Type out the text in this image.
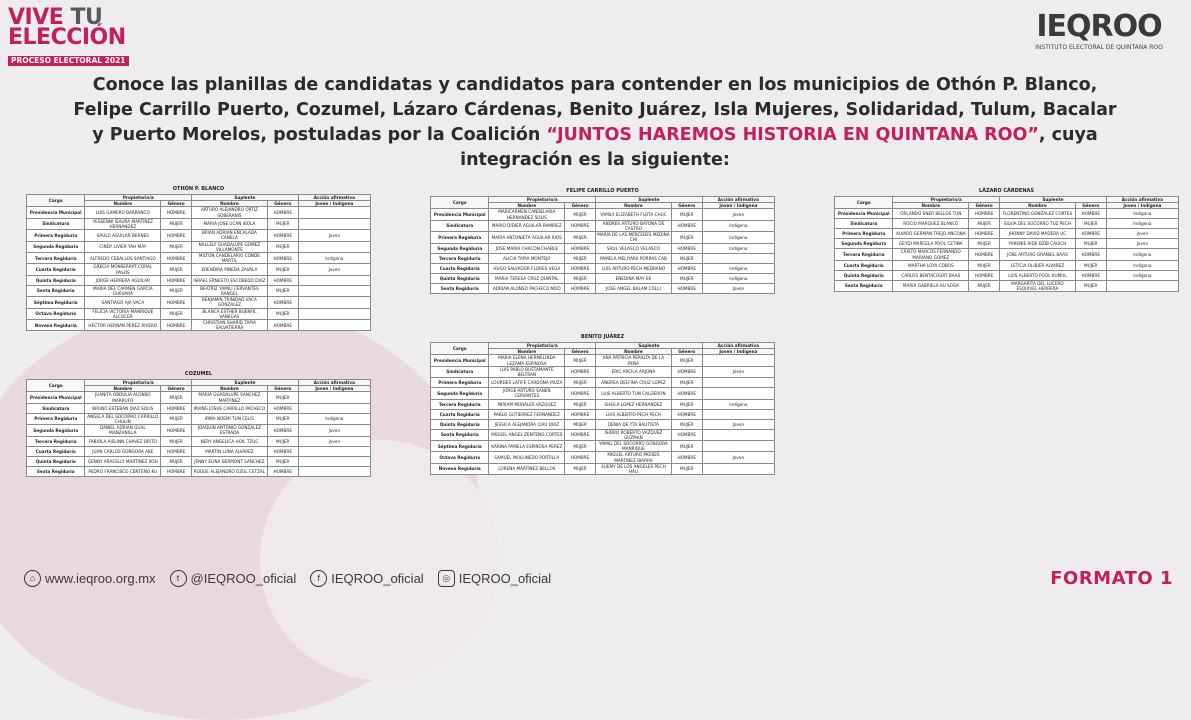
VIVE TU
ELECCIÓN
PROCESO ELECTORAL 2021
IEQROO
INSTITUTO ELECTORAL DE QUINTANA ROO
Conoce las planillas de candidatas y candidatos para contender en los municipios de Othón P. Blanco, Felipe Carrillo Puerto, Cozumel, Lázaro Cárdenas, Benito Juárez, Isla Mujeres, Solidaridad, Tulum, Bacalar y Puerto Morelos, postuladas por la Coalición “JUNTOS HAREMOS HISTORIA EN QUINTANA ROO”, cuya integración es la siguiente:
OTHÓN P. BLANCO
Cargo	Propietario/a		Suplente		Acción afirmativa
	Nombre	Género	Nombre	Género	Joven / Indígena
Presidencia Municipal	LUIS GAMERO BARRANCO	HOMBRE	ARTURO ALEJANDRO ORTIZ SOBERANIS	HOMBRE	
Sindicatura	YESSENNI ISAURA MARTINEZ HERNANDEZ	MUJER	MARIA JOSE UCAN IBOLA	MUJER	
Primera Regiduría	SAULO AGUILAR BERNES	HOMBRE	BRIAN ADRIAN ENCALADA CANELA	HOMBRE	Joven
Segunda Regiduría	CINDY LIVIER YAH MAY	MUJER	NALLELY GUADALUPE GOMEZ VILLAMONTE	MUJER	
Tercera Regiduría	ALFREDO CEBALLOS SANTIAGO	HOMBRE	MILTON CANDELARIO CONDE MARTIL	HOMBRE	Indígena
Cuarta Regiduría	GRECIA MONSERRAT CORAL PASOS	MUJER	ERENDIRA PINEDA ZAVALA	MUJER	Joven
Quinta Regiduría	JORGE HERRERA AGUILAR	HOMBRE	ISRAEL ERNESTO ESCOBEDO DIAZ	HOMBRE	
Sexta Regiduría	MARIA DEL CARMEN GARCIA GUEVARA	MUJER	BEATRIZ YAMILI CERVANTES RANGEL	MUJER	
Séptima Regiduría	SANTIAGO AJA VACA	HOMBRE	BENJAMIN TRINIDAD VACA GONZALEZ	HOMBRE	
Octava Regiduría	FELICIA VICTORIA MANRIQUE ALCOCER	MUJER	BLANCA ESTHER BUENFIL VANEGAS	MUJER	
Novena Regiduría	HECTOR HERNAN PEREZ RIVERO	HOMBRE	CHRISTIAN SHARID TAPIA SALVATIERRA	HOMBRE	
COZUMEL
Cargo	Propietario/a		Suplente		Acción afirmativa
	Nombre	Género	Nombre	Género	Joven / Indígena
Presidencia Municipal	JUANITA OBDULIA ALONSO MARRUFO	MUJER	MARIA GUADALUPE SANCHEZ MARTINEZ	MUJER	
Sindicatura	BRUNO ESTEBAN DIAZ SOLIS	HOMBRE	IRVING JOSUE CARRILLO PACHECO	HOMBRE	
Primera Regiduría	ANGELA DEL SOCORRO CARRILLO CHULIN	MUJER	IRMA NOEMI TUN CELIS	MUJER	Indígena
Segunda Regiduría	DANIEL ADRIAN GUAL MANZANILLA	HOMBRE	JOAQUIN ANTONIO GONZALEZ ESTRADA	HOMBRE	Joven
Tercera Regiduría	FABIOLA AISLINN CHAVEZ BRITO	MUJER	NERY ANGELICA HOIL TZUC	MUJER	Joven
Cuarta Regiduría	JUAN CARLOS GONGORA AKE	HOMBRE	MARTIN LUNA ALVAREZ	HOMBRE	
Quinta Regiduría	GENNY ARACELLY MARTINEZ KOH	MUJER	JENNY ELINA BERMONT SANCHEZ	MUJER	
Sexta Regiduría	PEDRO FRANCISCO CENTENO KU	HOMBRE	ROQUE ALEJANDRO OZUL CETZAL	HOMBRE	
FELIPE CARRILLO PUERTO
Cargo	Propietario/a		Suplente		Acción afirmativa
	Nombre	Género	Nombre	Género	Joven / Indígena
Presidencia Municipal	MARICARMEN CANDELARIA HERNANDEZ SOLIS	MUJER	YAMILY ELIZABETH FLOTA CHUC	MUJER	Joven
Sindicatura	MARIO DIDIER AGUILAR RAMIREZ	HOMBRE	ANDRES ARTURO BAYONA DE CASTRO	HOMBRE	Indígena
Primera Regiduría	MARIA ANTONIETA AGUILAR RIOS	MUJER	MARIA DE LAS MERCEDES MEDINA CHI	MUJER	Indígena
Segunda Regiduría	JOSE MARIA CHACON CHABLE	HOMBRE	SAUL VELASCO VELASCO	HOMBRE	Indígena
Tercera Regiduría	ALICIA TAPIA MONTEJO	MUJER	PAMELA MELIYARA PORRAS CAB	MUJER	
Cuarta Regiduría	HUGO SALVADOR FLORES VEGA	HOMBRE	LUIS ARTURO PECH MEDRANO	HOMBRE	Indígena
Quinta Regiduría	MARIA TERESA CRUZ QUINTAL	MUJER	ENEDINA MAY EK	MUJER	Indígena
Sexta Regiduría	ADRIAN ALONSO PACHECO MOO	HOMBRE	JOSE ANGEL BALAM COLLI	HOMBRE	Joven
BENITO JUÁREZ
Cargo	Propietario/a		Suplente		Acción afirmativa
	Nombre	Género	Nombre	Género	Joven / Indígena
Presidencia Municipal	MARIA ELENA HERMELINDA LEZAMA ESPINOSA	MUJER	ANA PATRICIA PERALTA DE LA PEÑA	MUJER	
Sindicatura	LUIS PABLO BUSTAMANTE BELTRAN	HOMBRE	ERIC ARCILA ARJONA	HOMBRE	Joven
Primera Regiduría	LOURDES LATIFE CARDONA MUZA	MUJER	ANDREA DELFINA CRUZ LOPEZ	MUJER	
Segunda Regiduría	JORGE ARTURO SANEN CERVANTES	HOMBRE	LUIS ALBERTO TUN CALDERON	HOMBRE	
Tercera Regiduría	MIRIAM MORALES VAZQUEZ	MUJER	SHEILA LOPEZ HERNANDEZ	MUJER	Indígena
Cuarta Regiduría	PABLO GUTIERREZ FERNANDEZ	HOMBRE	LUIS ALBERTO PECH PECH	HOMBRE	
Quinta Regiduría	JESSICA ALEJANDRA CIAU DIAZ	MUJER	DENIA DE YTA BAUTISTA	MUJER	Joven
Sexta Regiduría	MIGUEL ANGEL ZENTENO CORTES	HOMBRE	ISIDRO ROBERTO VAZQUEZ GUZMAN	HOMBRE	
Séptima Regiduría	KARINA PAMELA ESPINOSA PEREZ	MUJER	YAMILI DEL SOCORRO GONGORA MANRIQUE	MUJER	
Octava Regiduría	SAMUEL MOLLINEDO PORTILLA	HOMBRE	MIGUEL ARTURO MOISES MARTINEZ IBARRA	HOMBRE	Joven
Novena Regiduría	LORENA MARTINEZ BELLOS	MUJER	SUEMY DE LOS ANGELES PECH HAU	MUJER	
LÁZARO CÁRDENAS
Cargo	Propietario/a		Suplente		Acción afirmativa
	Nombre	Género	Nombre	Género	Joven / Indígena
Presidencia Municipal	ORLANDO ENER BELLOS TUN	HOMBRE	FLORENTINO GONZALEZ CORTES	HOMBRE	Indígena
Sindicatura	ROCIO MARQUEZ BLANCO	MUJER	SILVIA DEL SOCORRO TUZ PECH	MUJER	Indígena
Primera Regiduría	ALVARO GERMAN TREJO ANCONA	HOMBRE	JHONNY DAVID MADERA UC	HOMBRE	Joven
Segunda Regiduría	GEYDI MARCELA POOL CETINA	MUJER	YARENIE AIDE DZIB CAUICH	MUJER	Joven
Tercera Regiduría	CRISTO MARCOS FERNANDO MARIANO GOMEZ	HOMBRE	JOSE ARTURO GRANIEL BAAS	HOMBRE	Indígena
Cuarta Regiduría	MARTHA LOYA COBOS	MUJER	LETICIA OLIBIER ALVAREZ	MUJER	Indígena
Quinta Regiduría	CARLOS BENTACOURT BAAS	HOMBRE	LUIS ALBERTO POOL KUMUL	HOMBRE	Indígena
Sexta Regiduría	MARIA GABRIELA KU SOSA	MUJER	MARGARITA DEL LUCERO ESQUIVEL HERRERA	MUJER	
⌂ www.ieqroo.org.mx	t @IEQROO_oficial	f IEQROO_oficial	◎ IEQROO_oficial	FORMATO 1
